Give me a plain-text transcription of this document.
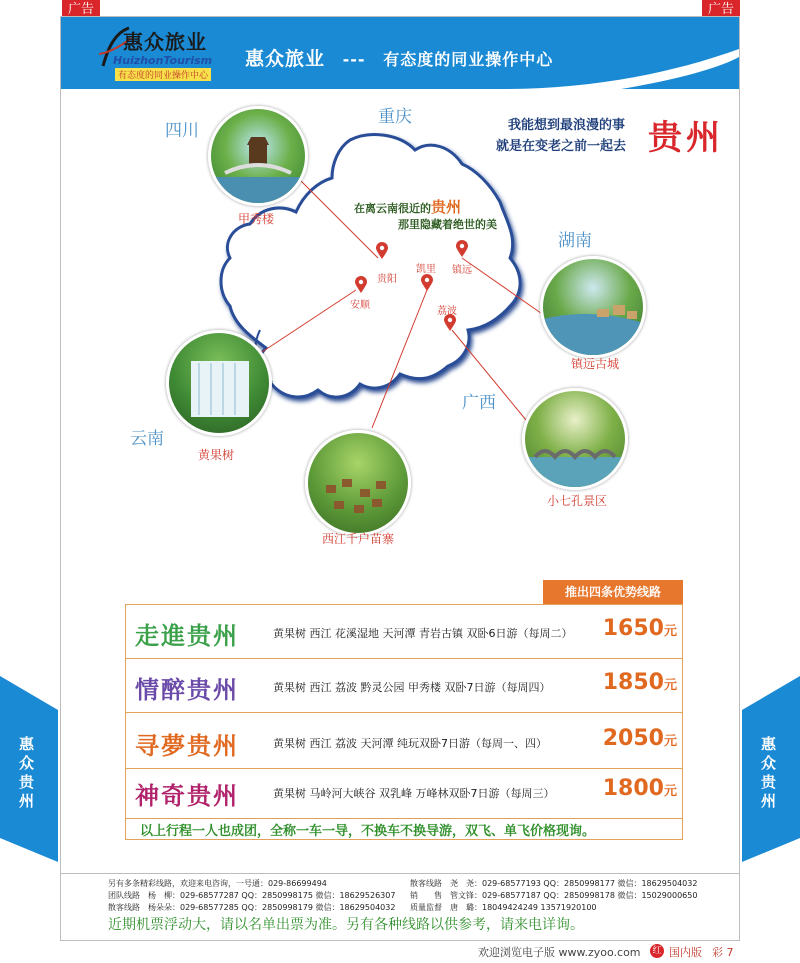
广告	广告
惠众旅业
HuizhonTourism
有态度的同业操作中心
惠众旅业 --- 有态度的同业操作中心
贵阳
凯里 镇远
安顺
荔波
四川
重庆
湖南
广西
云南
我能想到最浪漫的事
就是在变老之前一起去 贵州
在离云南很近的贵州
那里隐藏着绝世的美
甲秀楼
黄果树
西江千户苗寨
镇远古城
小七孔景区
推出四条优势线路
走進贵州	黄果树 西江 花溪湿地 天河潭 青岩古镇 双卧6日游（每周二） 1650元
情醉贵州	黄果树 西江 荔波 黔灵公园 甲秀楼 双卧7日游（每周四） 1850元
寻夢贵州	黄果树 西江 荔波 天河潭 纯玩双卧7日游（每周一、四）	2050元
神奇贵州	黄果树 马岭河大峡谷 双乳峰 万峰林双卧7日游（每周三） 1800元
以上行程一人也成团，全称一车一导，不换车不换导游，双飞、单飞价格现询。
另有多条精彩线路，欢迎来电咨询，一号通：029-86699494	散客线路　尧　尧：029-68577193 QQ：2850998177 微信：18629504032
团队线路　杨　柳：029-68577287 QQ：2850998175 微信：18629526307 销　　售　管文锋：029-68577187 QQ：2850998178 微信：15029000650
散客线路　杨朵朵：029-68577285 QQ：2850998179 微信：18629504032 质量监督　唐　璐：18049424249 13571920100
近期机票浮动大，请以名单出票为准。另有各种线路以供参考，请来电详询。
惠众贵州	惠众贵州
欢迎浏览电子版 www.zyoo.com 红 国内版 彩 7
